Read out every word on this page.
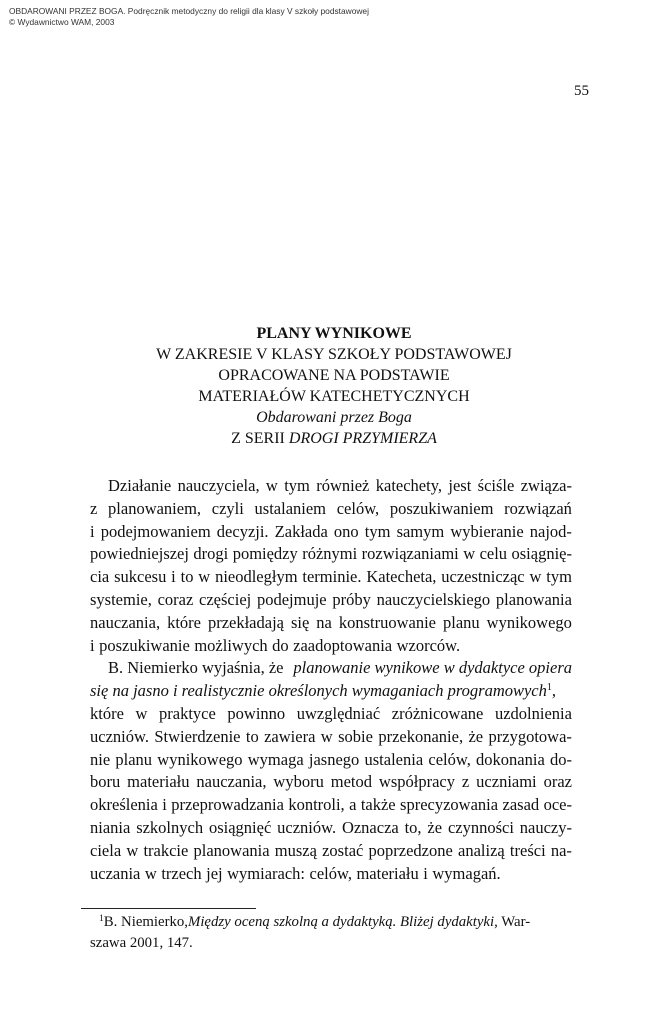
OBDAROWANI PRZEZ BOGA. Podręcznik metodyczny do religii dla klasy V szkoły podstawowej
© Wydawnictwo WAM, 2003
55
PLANY WYNIKOWE
W ZAKRESIE V KLASY SZKOŁY PODSTAWOWEJ
OPRACOWANE NA PODSTAWIE
MATERIAŁÓW KATECHETYCZNYCH
Obdarowani przez Boga
Z SERII DROGI PRZYMIERZA
Działanie nauczyciela, w tym również katechety, jest ściśle związa-
z planowaniem, czyli ustalaniem celów, poszukiwaniem rozwiązań
i podejmowaniem decyzji. Zakłada ono tym samym wybieranie najod-
powiedniejszej drogi pomiędzy różnymi rozwiązaniami w celu osiągnię-
cia sukcesu i to w nieodległym terminie. Katecheta, uczestnicząc w tym
systemie, coraz częściej podejmuje próby nauczycielskiego planowania
nauczania, które przekładają się na konstruowanie planu wynikowego
i poszukiwanie możliwych do zaadoptowania wzorców.
B. Niemierko wyjaśnia, że planowanie wynikowe w dydaktyce opiera
się na jasno i realistycznie określonych wymaganiach programowych$^1$,
które w praktyce powinno uwzględniać zróżnicowane uzdolnienia
uczniów. Stwierdzenie to zawiera w sobie przekonanie, że przygotowa-
nie planu wynikowego wymaga jasnego ustalenia celów, dokonania do-
boru materiału nauczania, wyboru metod współpracy z uczniami oraz
określenia i przeprowadzania kontroli, a także sprecyzowania zasad oce-
niania szkolnych osiągnięć uczniów. Oznacza to, że czynności nauczy-
ciela w trakcie planowania muszą zostać poprzedzone analizą treści na-
uczania w trzech jej wymiarach: celów, materiału i wymagań.
$^1$B. Niemierko,Między oceną szkolną a dydaktyką. Bliżej dydaktyki, War-
szawa 2001, 147.
